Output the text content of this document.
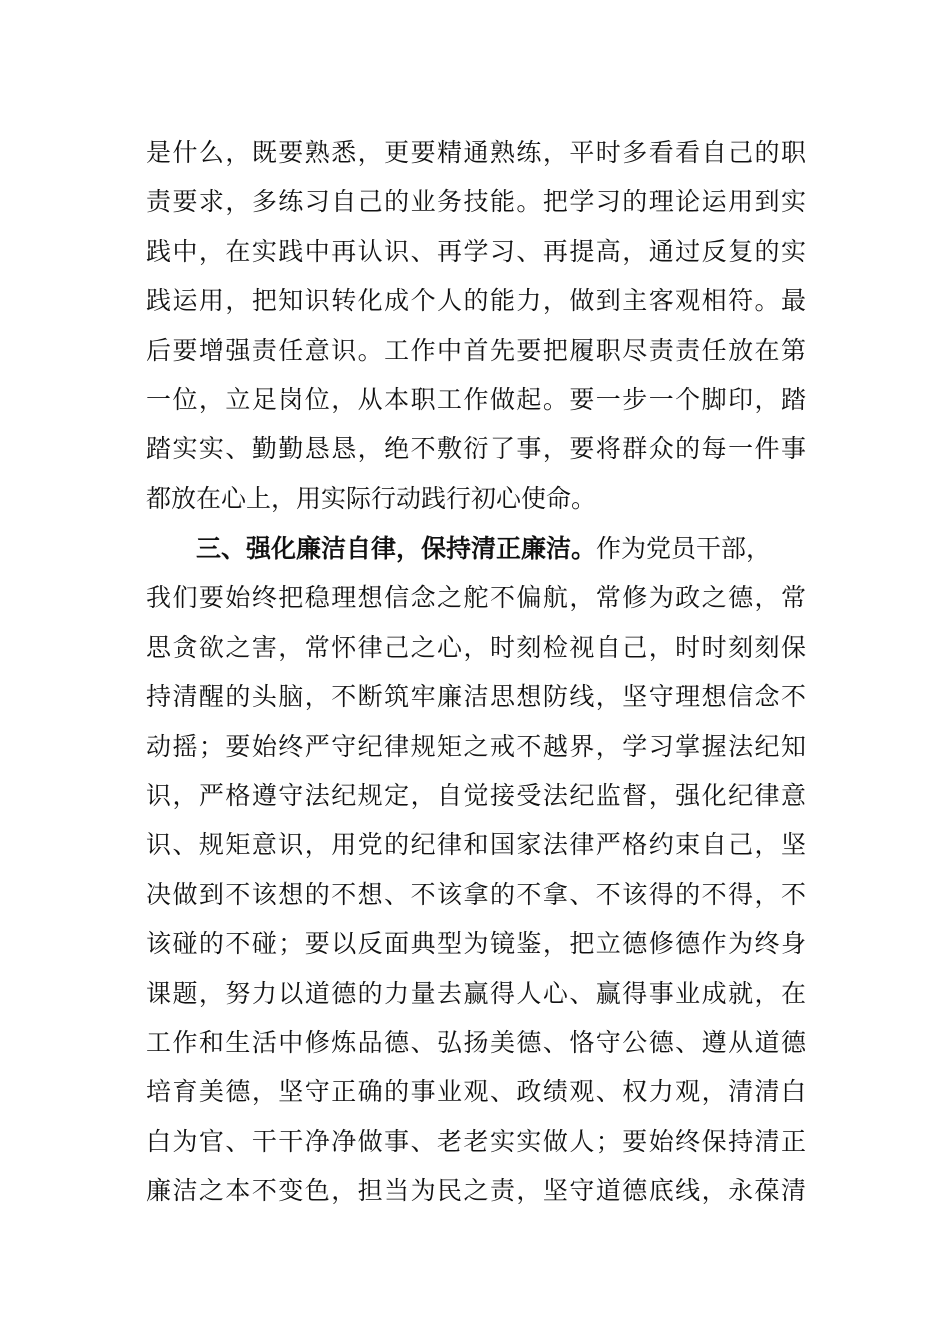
是什么，既要熟悉，更要精通熟练，平时多看看自己的职
责要求，多练习自己的业务技能。把学习的理论运用到实
践中，在实践中再认识、再学习、再提高，通过反复的实
践运用，把知识转化成个人的能力，做到主客观相符。最
后要增强责任意识。工作中首先要把履职尽责责任放在第
一位，立足岗位，从本职工作做起。要一步一个脚印，踏
踏实实、勤勤恳恳，绝不敷衍了事，要将群众的每一件事
都放在心上，用实际行动践行初心使命。
三、强化廉洁自律，保持清正廉洁。作为党员干部，
我们要始终把稳理想信念之舵不偏航，常修为政之德，常
思贪欲之害，常怀律己之心，时刻检视自己，时时刻刻保
持清醒的头脑，不断筑牢廉洁思想防线，坚守理想信念不
动摇；要始终严守纪律规矩之戒不越界，学习掌握法纪知
识，严格遵守法纪规定，自觉接受法纪监督，强化纪律意
识、规矩意识，用党的纪律和国家法律严格约束自己，坚
决做到不该想的不想、不该拿的不拿、不该得的不得，不
该碰的不碰；要以反面典型为镜鉴，把立德修德作为终身
课题，努力以道德的力量去赢得人心、赢得事业成就，在
工作和生活中修炼品德、弘扬美德、恪守公德、遵从道德
培育美德，坚守正确的事业观、政绩观、权力观，清清白
白为官、干干净净做事、老老实实做人；要始终保持清正
廉洁之本不变色，担当为民之责，坚守道德底线，永葆清
